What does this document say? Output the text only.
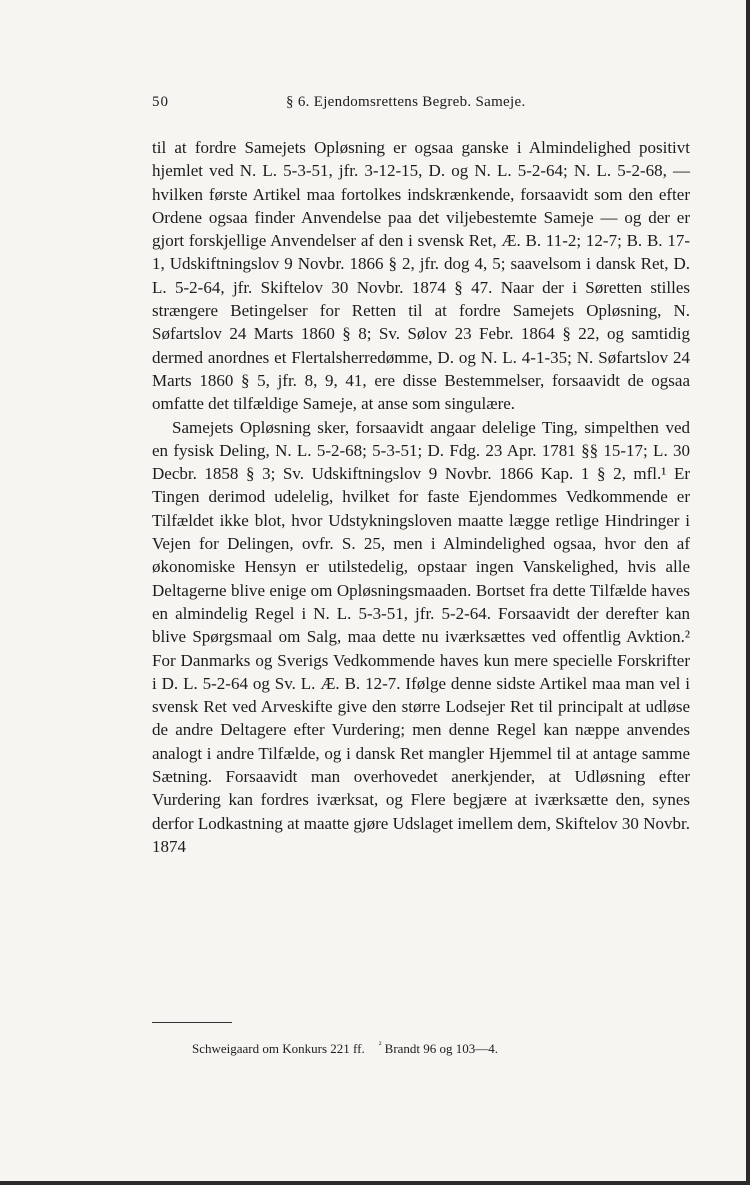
50	§ 6. Ejendomsrettens Begreb. Sameje.

til at fordre Samejets Opløsning er ogsaa ganske i Almindelighed positivt hjemlet ved N. L. 5-3-51, jfr. 3-12-15, D. og N. L. 5-2-64; N. L. 5-2-68, — hvilken første Artikel maa fortolkes indskrænkende, forsaavidt som den efter Ordene ogsaa finder Anvendelse paa det viljebestemte Sameje — og der er gjort forskjellige Anvendelser af den i svensk Ret, Æ. B. 11-2; 12-7; B. B. 17-1, Udskiftningslov 9 Novbr. 1866 § 2, jfr. dog 4, 5; saavelsom i dansk Ret, D. L. 5-2-64, jfr. Skiftelov 30 Novbr. 1874 § 47. Naar der i Søretten stilles strængere Betingelser for Retten til at fordre Samejets Opløsning, N. Søfartslov 24 Marts 1860 § 8; Sv. Sølov 23 Febr. 1864 § 22, og samtidig dermed anordnes et Flertalsherredømme, D. og N. L. 4-1-35; N. Søfartslov 24 Marts 1860 § 5, jfr. 8, 9, 41, ere disse Bestemmelser, forsaavidt de ogsaa omfatte det tilfældige Sameje, at anse som singulære.

Samejets Opløsning sker, forsaavidt angaar delelige Ting, simpelthen ved en fysisk Deling, N. L. 5-2-68; 5-3-51; D. Fdg. 23 Apr. 1781 §§ 15-17; L. 30 Decbr. 1858 § 3; Sv. Udskiftningslov 9 Novbr. 1866 Kap. 1 § 2, mfl.¹ Er Tingen derimod udelelig, hvilket for faste Ejendommes Vedkommende er Tilfældet ikke blot, hvor Udstykningsloven maatte lægge retlige Hindringer i Vejen for Delingen, ovfr. S. 25, men i Almindelighed ogsaa, hvor den af økonomiske Hensyn er utilstedelig, opstaar ingen Vanskelighed, hvis alle Deltagerne blive enige om Opløsningsmaaden. Bortset fra dette Tilfælde haves en almindelig Regel i N. L. 5-3-51, jfr. 5-2-64. Forsaavidt der derefter kan blive Spørgsmaal om Salg, maa dette nu iværksættes ved offentlig Avktion.² For Danmarks og Sverigs Vedkommende haves kun mere specielle Forskrifter i D. L. 5-2-64 og Sv. L. Æ. B. 12-7. Ifølge denne sidste Artikel maa man vel i svensk Ret ved Arveskifte give den større Lodsejer Ret til principalt at udløse de andre Deltagere efter Vurdering; men denne Regel kan næppe anvendes analogt i andre Tilfælde, og i dansk Ret mangler Hjemmel til at antage samme Sætning. Forsaavidt man overhovedet anerkjender, at Udløsning efter Vurdering kan fordres iværksat, og Flere begjære at iværksætte den, synes derfor Lodkastning at maatte gjøre Udslaget imellem dem, Skiftelov 30 Novbr. 1874

Schweigaard om Konkurs 221 ff. $^{^2}$ Brandt 96 og 103—4.
